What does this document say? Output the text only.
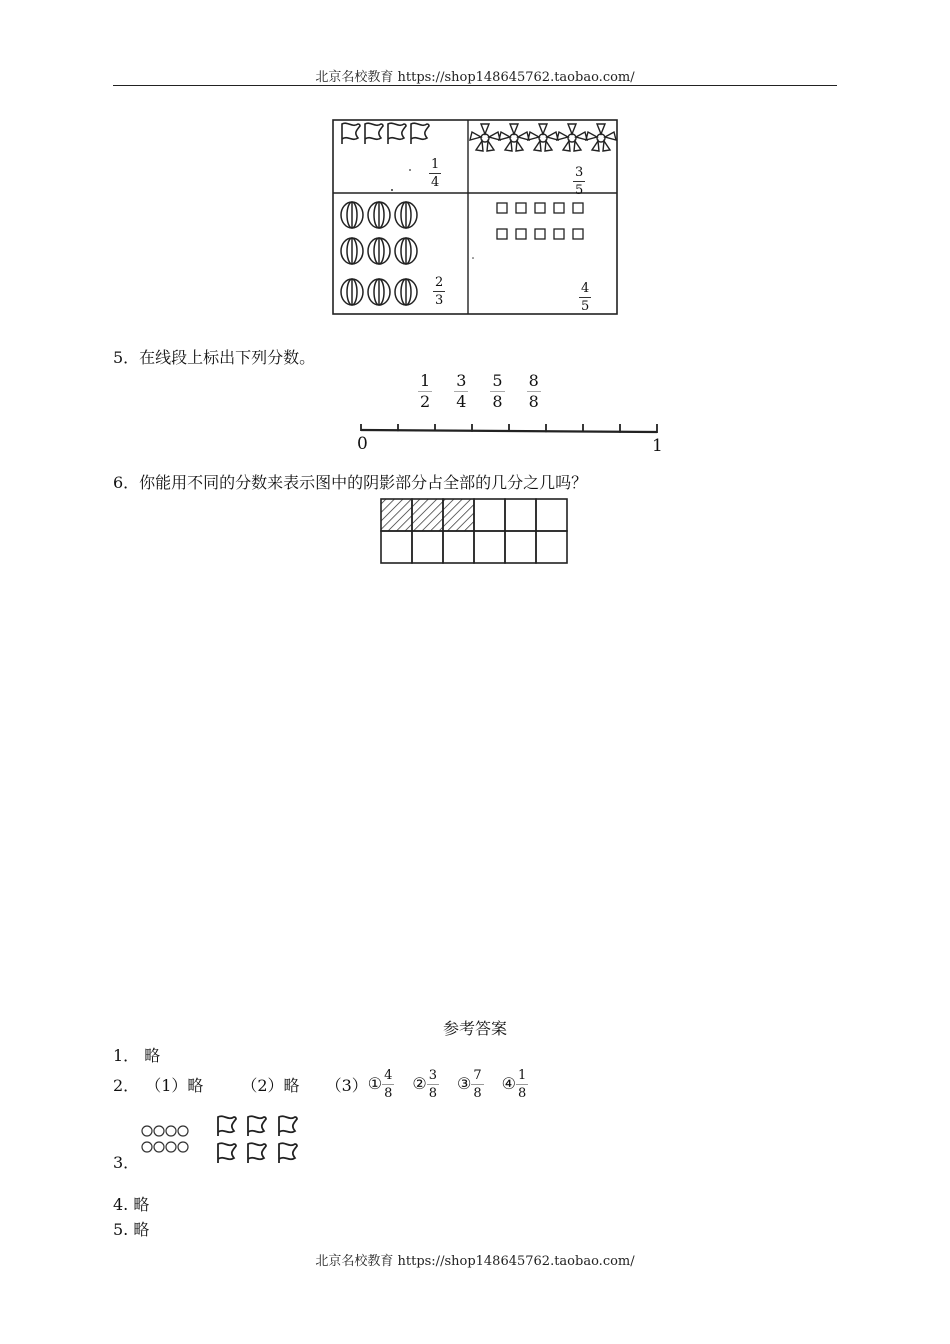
北京名校教育 https://shop148645762.taobao.com/
$\frac{1}{4}$	$\frac{3}{5}$
$\frac{2}{3}$	$\frac{4}{5}$
5．在线段上标出下列分数。
$\frac{1}{2} \frac{3}{4} \frac{5}{8} \frac{8}{8}$
0	1
6．你能用不同的分数来表示图中的阴影部分占全部的几分之几吗？
参考答案
1． 略
2． （1）略 （2）略 （3） ① $\frac{4}{8}$ ② $\frac{3}{8}$ ③ $\frac{7}{8}$ ④ $\frac{1}{8}$
3．
4. 略
5. 略
北京名校教育 https://shop148645762.taobao.com/
